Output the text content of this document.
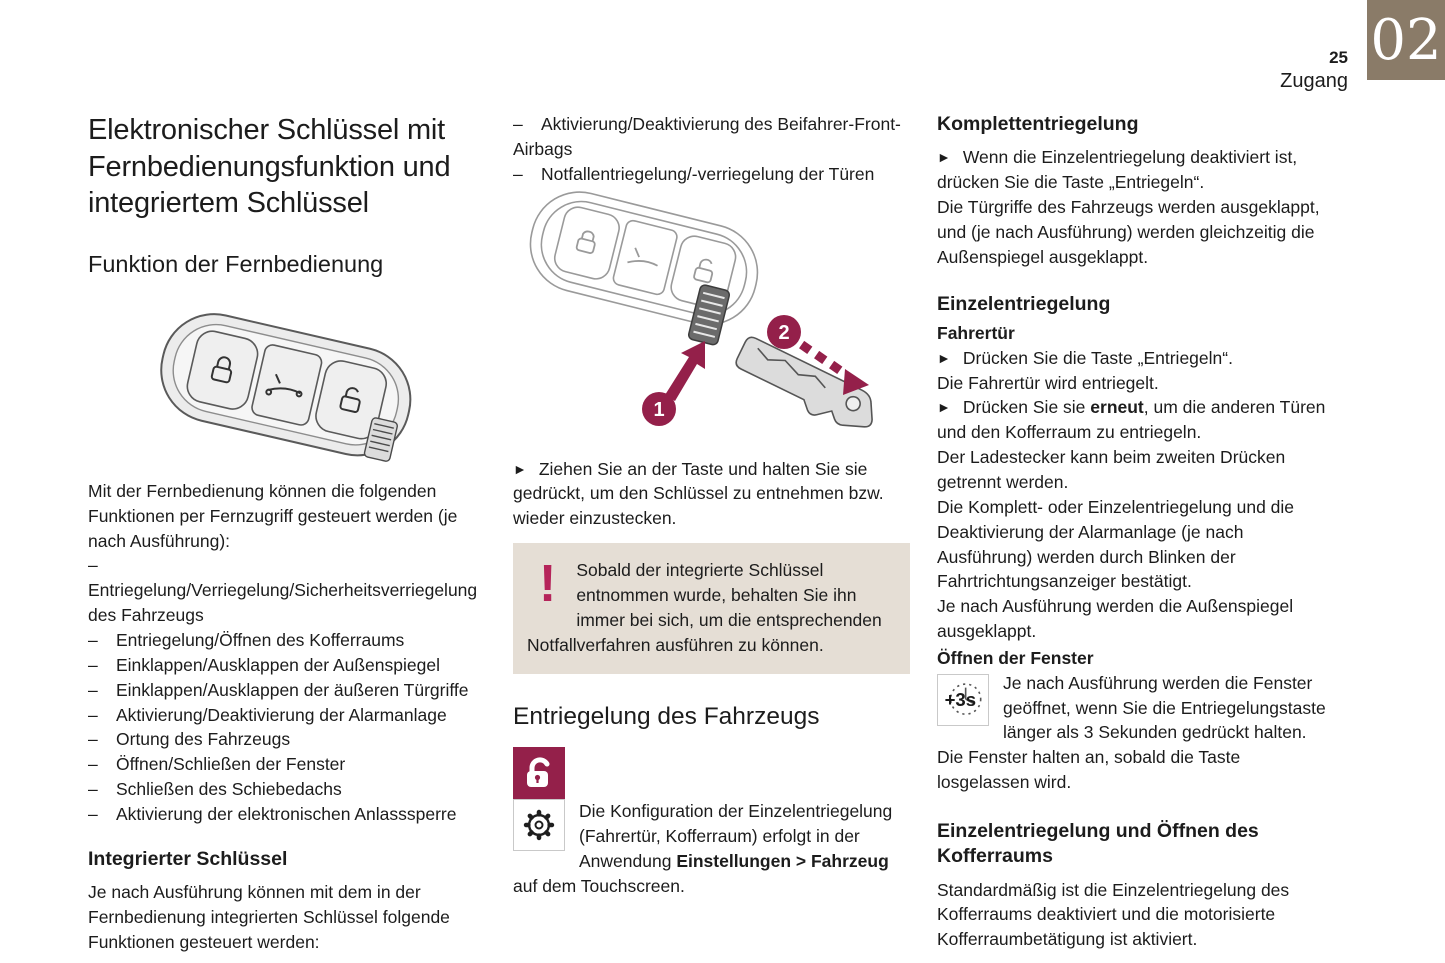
25
Zugang
02
Elektronischer Schlüssel mit Fernbedienungsfunktion und integriertem Schlüssel
Funktion der Fernbedienung

Mit der Fernbedienung können die folgenden Funktionen per Fernzugriff gesteuert werden (je nach Ausführung):

–Entriegelung/Verriegelung/Sicherheitsverriegelung des Fahrzeugs

– Entriegelung/Öffnen des Kofferraums

– Einklappen/Ausklappen der Außenspiegel

– Einklappen/Ausklappen der äußeren Türgriffe

– Aktivierung/Deaktivierung der Alarmanlage

– Ortung des Fahrzeugs

– Öffnen/Schließen der Fenster

– Schließen des Schiebedachs

– Aktivierung der elektronischen Anlasssperre

Integrierter Schlüssel

Je nach Ausführung können mit dem in der Fernbedienung integrierten Schlüssel folgende Funktionen gesteuert werden:

– Aktivierung/Deaktivierung des Beifahrer-Front-Airbags

– Notfallentriegelung/-verriegelung der Türen

1
2

► Ziehen Sie an der Taste und halten Sie sie gedrückt, um den Schlüssel zu entnehmen bzw. wieder einzustecken.

! Sobald der integrierte Schlüssel entnommen wurde, behalten Sie ihn immer bei sich, um die entsprechenden Notfallverfahren ausführen zu können.
Entriegelung des Fahrzeugs

Die Konfiguration der Einzelentriegelung (Fahrertür, Kofferraum) erfolgt in der Anwendung Einstellungen > Fahrzeug auf dem Touchscreen.

Komplettentriegelung

► Wenn die Einzelentriegelung deaktiviert ist, drücken Sie die Taste „Entriegeln“.

Die Türgriffe des Fahrzeugs werden ausgeklappt, und (je nach Ausführung) werden gleichzeitig die Außenspiegel ausgeklappt.

Einzelentriegelung
Fahrertür

► Drücken Sie die Taste „Entriegeln“.

Die Fahrertür wird entriegelt.

► Drücken Sie sie erneut, um die anderen Türen und den Kofferraum zu entriegeln.

Der Ladestecker kann beim zweiten Drücken getrennt werden.

Die Komplett- oder Einzelentriegelung und die Deaktivierung der Alarmanlage (je nach Ausführung) werden durch Blinken der Fahrtrichtungsanzeiger bestätigt.

Je nach Ausführung werden die Außenspiegel ausgeklappt.

Öffnen der Fenster

+3s
Je nach Ausführung werden die Fenster geöffnet, wenn Sie die Entriegelungstaste länger als 3 Sekunden gedrückt halten.

Die Fenster halten an, sobald die Taste losgelassen wird.

Einzelentriegelung und Öffnen des Kofferraums

Standardmäßig ist die Einzelentriegelung des Kofferraums deaktiviert und die motorisierte Kofferraumbetätigung ist aktiviert.
